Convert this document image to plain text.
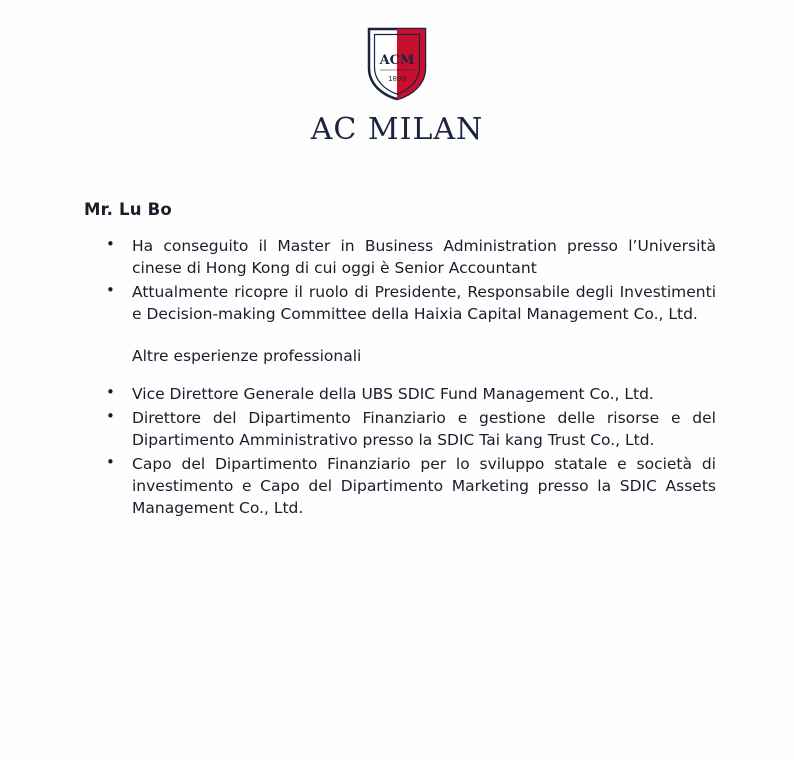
ACM
1899
AC MILAN

Mr. Lu Bo

• Ha conseguito il Master in Business Administration presso l’Università cinese di Hong Kong di cui oggi è Senior Accountant
• Attualmente ricopre il ruolo di Presidente, Responsabile degli Investimenti e Decision-making Committee della Haixia Capital Management Co., Ltd.

Altre esperienze professionali

• Vice Direttore Generale della UBS SDIC Fund Management Co., Ltd.
• Direttore del Dipartimento Finanziario e gestione delle risorse e del Dipartimento Amministrativo presso la SDIC Tai kang Trust Co., Ltd.
• Capo del Dipartimento Finanziario per lo sviluppo statale e società di investimento e Capo del Dipartimento Marketing presso la SDIC Assets Management Co., Ltd.
